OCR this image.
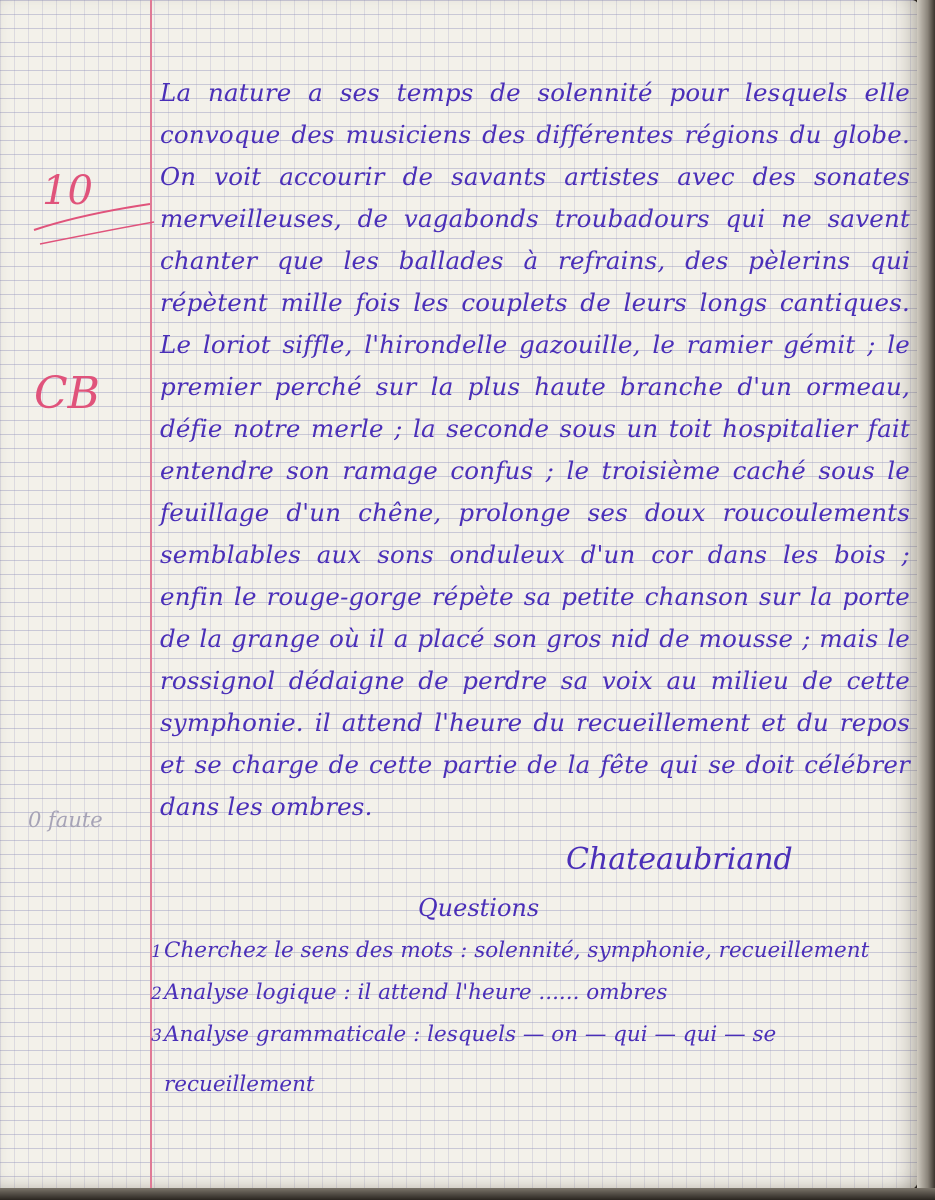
10
CB
0 faute

La nature a ses temps de solennité pour lesquels elle convoque des musiciens des différentes régions du globe. On voit accourir de savants artistes avec des sonates merveilleuses, de vagabonds troubadours qui ne savent chanter que les ballades à refrains, des pèlerins qui répètent mille fois les couplets de leurs longs cantiques. Le loriot siffle, l'hirondelle gazouille, le ramier gémit ; le premier perché sur la plus haute branche d'un ormeau, défie notre merle ; la seconde sous un toit hospitalier fait entendre son ramage confus ; le troisième caché sous le feuillage d'un chêne, prolonge ses doux roucoulements semblables aux sons onduleux d'un cor dans les bois ; enfin le rouge-gorge répète sa petite chanson sur la porte de la grange où il a placé son gros nid de mousse ; mais le rossignol dédaigne de perdre sa voix au milieu de cette symphonie. il attend l'heure du recueillement et du repos et se charge de cette partie de la fête qui se doit célébrer dans les ombres.

Chateaubriand
Questions
1 Cherchez le sens des mots : solennité, symphonie, recueillement
2 Analyse logique : il attend l'heure ...... ombres
3 Analyse grammaticale : lesquels — on — qui — qui — se
recueillement
